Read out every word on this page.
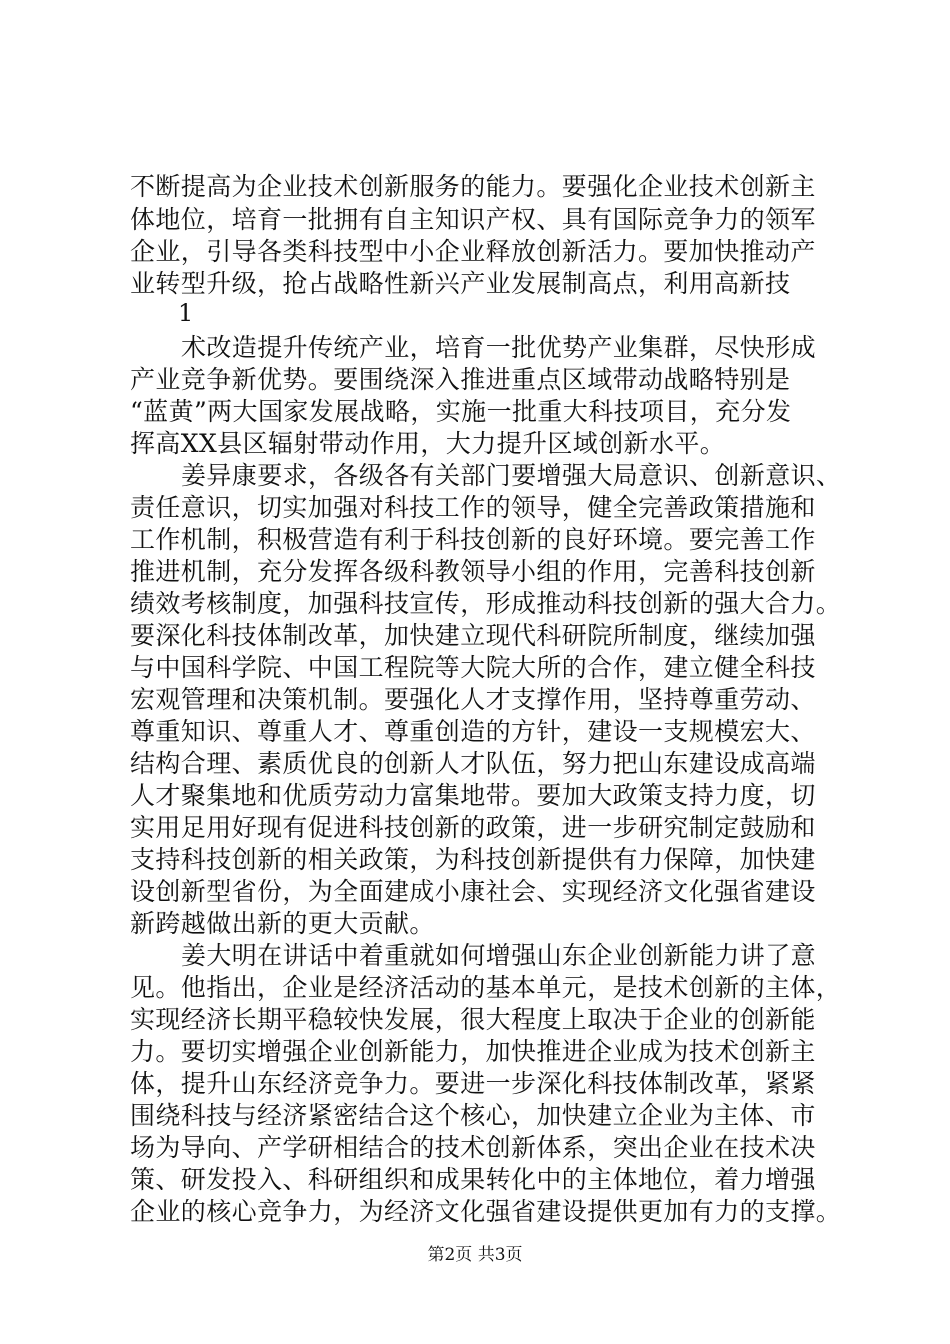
不断提高为企业技术创新服务的能力。要强化企业技术创新主

体地位，培育一批拥有自主知识产权、具有国际竞争力的领军

企业，引导各类科技型中小企业释放创新活力。要加快推动产

业转型升级，抢占战略性新兴产业发展制高点，利用高新技

1

术改造提升传统产业，培育一批优势产业集群，尽快形成

产业竞争新优势。要围绕深入推进重点区域带动战略特别是

“蓝黄”两大国家发展战略，实施一批重大科技项目，充分发

挥高XX县区辐射带动作用，大力提升区域创新水平。

姜异康要求，各级各有关部门要增强大局意识、创新意识、

责任意识，切实加强对科技工作的领导，健全完善政策措施和

工作机制，积极营造有利于科技创新的良好环境。要完善工作

推进机制，充分发挥各级科教领导小组的作用，完善科技创新

绩效考核制度，加强科技宣传，形成推动科技创新的强大合力。

要深化科技体制改革，加快建立现代科研院所制度，继续加强

与中国科学院、中国工程院等大院大所的合作，建立健全科技

宏观管理和决策机制。要强化人才支撑作用，坚持尊重劳动、

尊重知识、尊重人才、尊重创造的方针，建设一支规模宏大、

结构合理、素质优良的创新人才队伍，努力把山东建设成高端

人才聚集地和优质劳动力富集地带。要加大政策支持力度，切

实用足用好现有促进科技创新的政策，进一步研究制定鼓励和

支持科技创新的相关政策，为科技创新提供有力保障，加快建

设创新型省份，为全面建成小康社会、实现经济文化强省建设

新跨越做出新的更大贡献。

姜大明在讲话中着重就如何增强山东企业创新能力讲了意

见。他指出，企业是经济活动的基本单元，是技术创新的主体，

实现经济长期平稳较快发展，很大程度上取决于企业的创新能

力。要切实增强企业创新能力，加快推进企业成为技术创新主

体，提升山东经济竞争力。要进一步深化科技体制改革，紧紧

围绕科技与经济紧密结合这个核心，加快建立企业为主体、市

场为导向、产学研相结合的技术创新体系，突出企业在技术决

策、研发投入、科研组织和成果转化中的主体地位，着力增强

企业的核心竞争力，为经济文化强省建设提供更加有力的支撑。

第2页 共3页
